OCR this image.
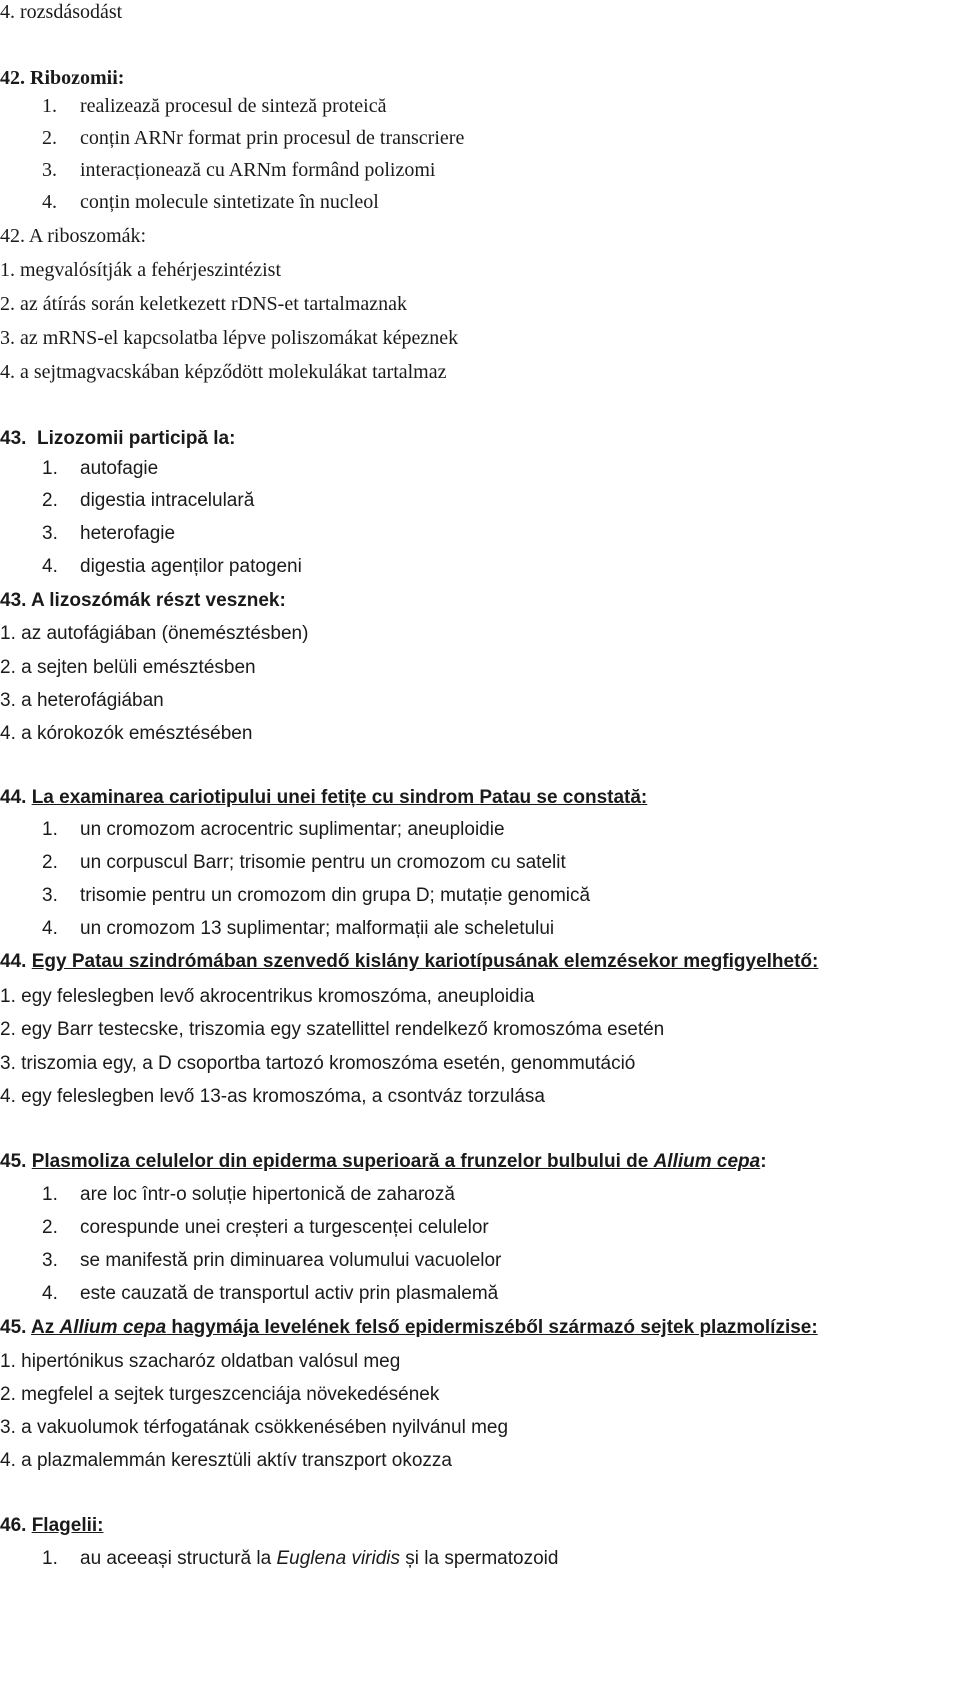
4. rozsdásodást

42. Ribozomii:

1. realizează procesul de sinteză proteică

2. conțin ARNr format prin procesul de transcriere

3. interacționează cu ARNm formând polizomi

4. conțin molecule sintetizate în nucleol

42. A riboszomák:

1. megvalósítják a fehérjeszintézist

2. az átírás során keletkezett rDNS-et tartalmaznak

3. az mRNS-el kapcsolatba lépve poliszomákat képeznek

4. a sejtmagvacskában képződött molekulákat tartalmaz

43. Lizozomii participă la:

1. autofagie

2. digestia intracelulară

3. heterofagie

4. digestia agenților patogeni

43. A lizoszómák részt vesznek:

1. az autofágiában (önemésztésben)

2. a sejten belüli emésztésben

3. a heterofágiában

4. a kórokozók emésztésében

44. La examinarea cariotipului unei fetițe cu sindrom Patau se constată:

1. un cromozom acrocentric suplimentar; aneuploidie

2. un corpuscul Barr; trisomie pentru un cromozom cu satelit

3. trisomie pentru un cromozom din grupa D; mutație genomică

4. un cromozom 13 suplimentar; malformații ale scheletului

44. Egy Patau szindrómában szenvedő kislány kariotípusának elemzésekor megfigyelhető:

1. egy feleslegben levő akrocentrikus kromoszóma, aneuploidia

2. egy Barr testecske, triszomia egy szatellittel rendelkező kromoszóma esetén

3. triszomia egy, a D csoportba tartozó kromoszóma esetén, genommutáció

4. egy feleslegben levő 13-as kromoszóma, a csontváz torzulása

45. Plasmoliza celulelor din epiderma superioară a frunzelor bulbului de Allium cepa:

1. are loc într-o soluție hipertonică de zaharoză

2. corespunde unei creșteri a turgescenței celulelor

3. se manifestă prin diminuarea volumului vacuolelor

4. este cauzată de transportul activ prin plasmalemă

45. Az Allium cepa hagymája levelének felső epidermiszéből származó sejtek plazmolízise:

1. hipertónikus szacharóz oldatban valósul meg

2. megfelel a sejtek turgeszcenciája növekedésének

3. a vakuolumok térfogatának csökkenésében nyilvánul meg

4. a plazmalemmán keresztüli aktív transzport okozza

46. Flagelii:

1. au aceeași structură la Euglena viridis și la spermatozoid
